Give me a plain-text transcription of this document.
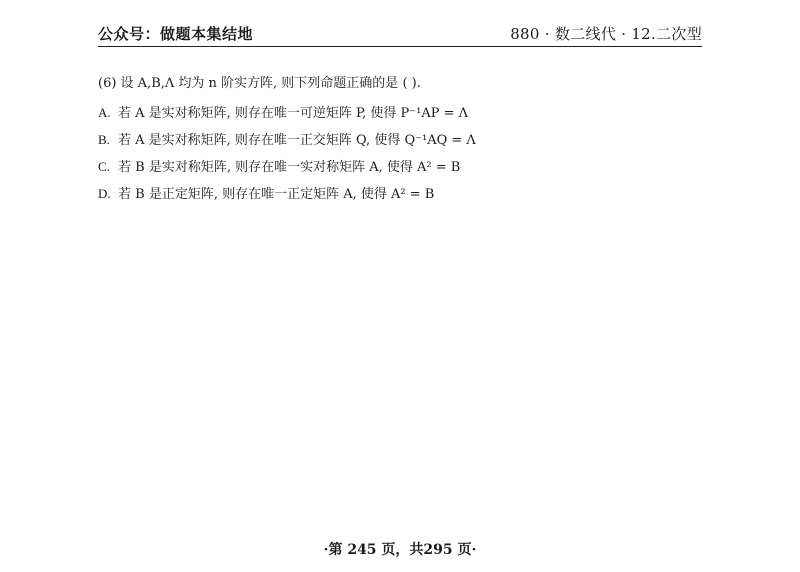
公众号：做题本集结地	880 · 数二线代 · 12.二次型
(6) 设 A,B,Λ 均为 n 阶实方阵, 则下列命题正确的是 ( ).
A. 若 A 是实对称矩阵, 则存在唯一可逆矩阵 P, 使得 P⁻¹AP = Λ
B. 若 A 是实对称矩阵, 则存在唯一正交矩阵 Q, 使得 Q⁻¹AQ = Λ
C. 若 B 是实对称矩阵, 则存在唯一实对称矩阵 A, 使得 A² = B
D. 若 B 是正定矩阵, 则存在唯一正定矩阵 A, 使得 A² = B
·第 245 页，共295 页·
